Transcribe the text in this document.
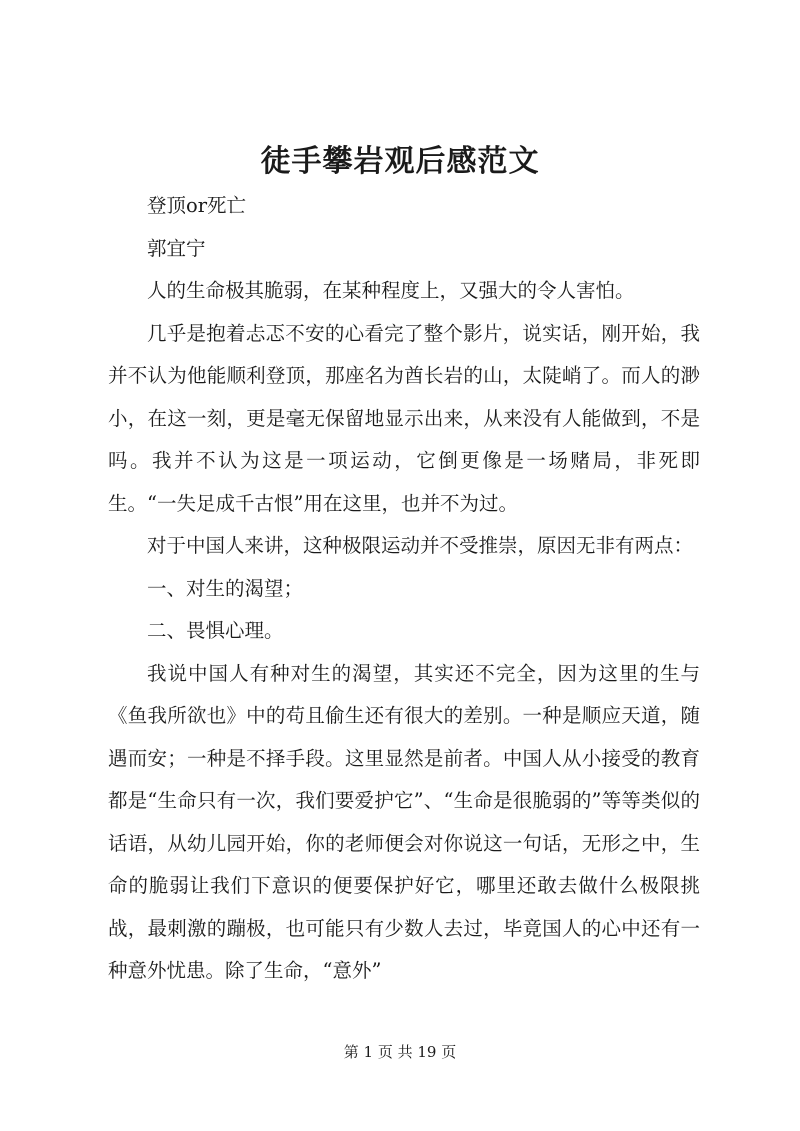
徒手攀岩观后感范文

登顶or死亡

郭宜宁

人的生命极其脆弱，在某种程度上，又强大的令人害怕。

几乎是抱着忐忑不安的心看完了整个影片，说实话，刚开始，我并不认为他能顺利登顶，那座名为酋长岩的山，太陡峭了。而人的渺小，在这一刻，更是毫无保留地显示出来，从来没有人能做到，不是吗。我并不认为这是一项运动，它倒更像是一场赌局，非死即生。“一失足成千古恨”用在这里，也并不为过。

对于中国人来讲，这种极限运动并不受推崇，原因无非有两点：

一、对生的渴望；

二、畏惧心理。

我说中国人有种对生的渴望，其实还不完全，因为这里的生与《鱼我所欲也》中的苟且偷生还有很大的差别。一种是顺应天道，随遇而安；一种是不择手段。这里显然是前者。中国人从小接受的教育都是“生命只有一次，我们要爱护它”、“生命是很脆弱的”等等类似的话语，从幼儿园开始，你的老师便会对你说这一句话，无形之中，生命的脆弱让我们下意识的便要保护好它，哪里还敢去做什么极限挑战，最刺激的蹦极，也可能只有少数人去过，毕竟国人的心中还有一种意外忧患。除了生命，“意外”

第 1 页 共 19 页
